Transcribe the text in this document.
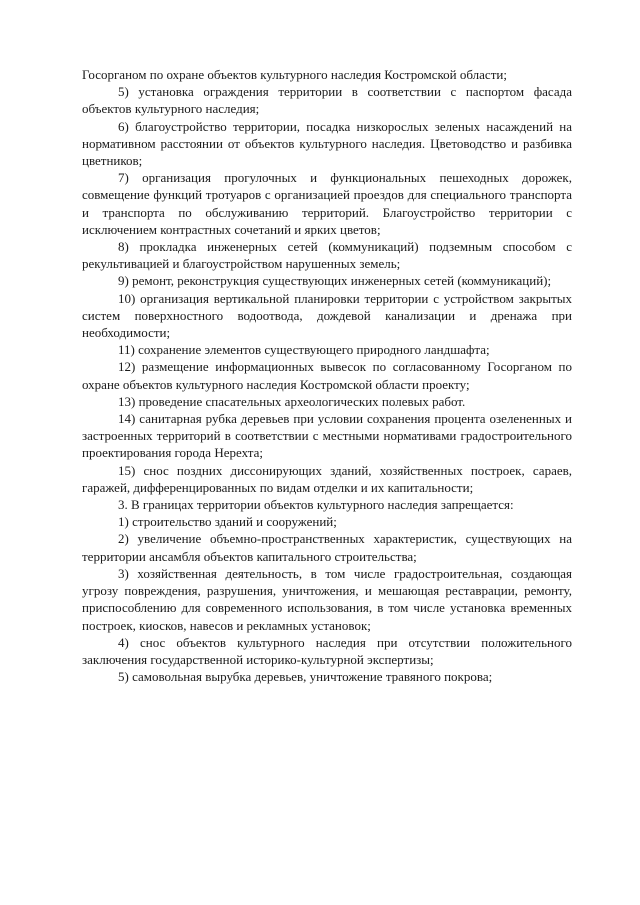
Госорганом по охране объектов культурного наследия Костромской области;

5) установка ограждения территории в соответствии с паспортом фасада объектов культурного наследия;

6) благоустройство территории, посадка низкорослых зеленых насаждений на нормативном расстоянии от объектов культурного наследия. Цветоводство и разбивка цветников;

7) организация прогулочных и функциональных пешеходных дорожек, совмещение функций тротуаров с организацией проездов для специального транспорта и транспорта по обслуживанию территорий. Благоустройство территории с исключением контрастных сочетаний и ярких цветов;

8) прокладка инженерных сетей (коммуникаций) подземным способом с рекультивацией и благоустройством нарушенных земель;

9) ремонт, реконструкция существующих инженерных сетей (коммуникаций);

10) организация вертикальной планировки территории с устройством закрытых систем поверхностного водоотвода, дождевой канализации и дренажа при необходимости;

11) сохранение элементов существующего природного ландшафта;

12) размещение информационных вывесок по согласованному Госорганом по охране объектов культурного наследия Костромской области проекту;

13) проведение спасательных археологических полевых работ.

14) санитарная рубка деревьев при условии сохранения процента озелененных и застроенных территорий в соответствии с местными нормативами градостроительного проектирования города Нерехта;

15) снос поздних диссонирующих зданий, хозяйственных построек, сараев, гаражей, дифференцированных по видам отделки и их капитальности;

3. В границах территории объектов культурного наследия запрещается:

1) строительство зданий и сооружений;

2) увеличение объемно-пространственных характеристик, существующих на территории ансамбля объектов капитального строительства;

3) хозяйственная деятельность, в том числе градостроительная, создающая угрозу повреждения, разрушения, уничтожения, и мешающая реставрации, ремонту, приспособлению для современного использования, в том числе установка временных построек, киосков, навесов и рекламных установок;

4) снос объектов культурного наследия при отсутствии положительного заключения государственной историко-культурной экспертизы;

5) самовольная вырубка деревьев, уничтожение травяного покрова;
